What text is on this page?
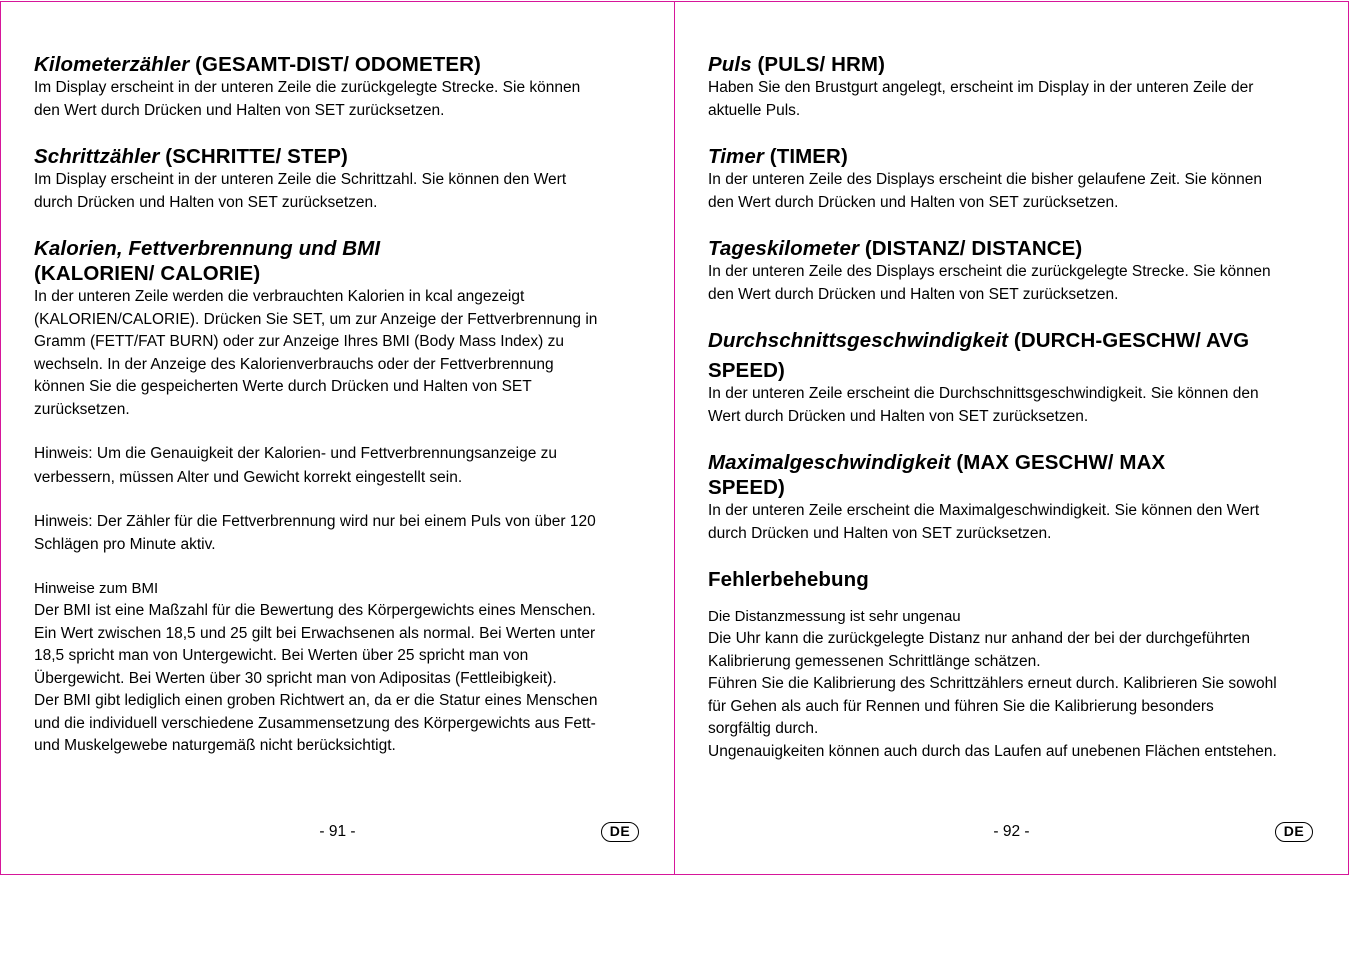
Kilometerzähler (GESAMT-DIST/ ODOMETER)

Im Display erscheint in der unteren Zeile die zurückgelegte Strecke. Sie können

den Wert durch Drücken und Halten von SET zurücksetzen.

Schrittzähler (SCHRITTE/ STEP)

Im Display erscheint in der unteren Zeile die Schrittzahl. Sie können den Wert

durch Drücken und Halten von SET zurücksetzen.

Kalorien, Fettverbrennung und BMI

(KALORIEN/ CALORIE)

In der unteren Zeile werden die verbrauchten Kalorien in kcal angezeigt

(KALORIEN/CALORIE). Drücken Sie SET, um zur Anzeige der Fettverbrennung in

Gramm (FETT/FAT BURN) oder zur Anzeige Ihres BMI (Body Mass Index) zu

wechseln. In der Anzeige des Kalorienverbrauchs oder der Fettverbrennung

können Sie die gespeicherten Werte durch Drücken und Halten von SET

zurücksetzen.

Hinweis: Um die Genauigkeit der Kalorien- und Fettverbrennungsanzeige zu

verbessern, müssen Alter und Gewicht korrekt eingestellt sein.

Hinweis: Der Zähler für die Fettverbrennung wird nur bei einem Puls von über 120

Schlägen pro Minute aktiv.

Hinweise zum BMI

Der BMI ist eine Maßzahl für die Bewertung des Körpergewichts eines Menschen.

Ein Wert zwischen 18,5 und 25 gilt bei Erwachsenen als normal. Bei Werten unter

18,5 spricht man von Untergewicht. Bei Werten über 25 spricht man von

Übergewicht. Bei Werten über 30 spricht man von Adipositas (Fettleibigkeit).

Der BMI gibt lediglich einen groben Richtwert an, da er die Statur eines Menschen

und die individuell verschiedene Zusammensetzung des Körpergewichts aus Fett-

und Muskelgewebe naturgemäß nicht berücksichtigt.

- 91 -	DE

Puls (PULS/ HRM)

Haben Sie den Brustgurt angelegt, erscheint im Display in der unteren Zeile der

aktuelle Puls.

Timer (TIMER)

In der unteren Zeile des Displays erscheint die bisher gelaufene Zeit. Sie können

den Wert durch Drücken und Halten von SET zurücksetzen.

Tageskilometer (DISTANZ/ DISTANCE)

In der unteren Zeile des Displays erscheint die zurückgelegte Strecke. Sie können

den Wert durch Drücken und Halten von SET zurücksetzen.

Durchschnittsgeschwindigkeit (DURCH-GESCHW/ AVG

SPEED)

In der unteren Zeile erscheint die Durchschnittsgeschwindigkeit. Sie können den

Wert durch Drücken und Halten von SET zurücksetzen.

Maximalgeschwindigkeit (MAX GESCHW/ MAX

SPEED)

In der unteren Zeile erscheint die Maximalgeschwindigkeit. Sie können den Wert

durch Drücken und Halten von SET zurücksetzen.

Fehlerbehebung

Die Distanzmessung ist sehr ungenau

Die Uhr kann die zurückgelegte Distanz nur anhand der bei der durchgeführten

Kalibrierung gemessenen Schrittlänge schätzen.

Führen Sie die Kalibrierung des Schrittzählers erneut durch. Kalibrieren Sie sowohl

für Gehen als auch für Rennen und führen Sie die Kalibrierung besonders

sorgfältig durch.

Ungenauigkeiten können auch durch das Laufen auf unebenen Flächen entstehen.

- 92 -	DE
